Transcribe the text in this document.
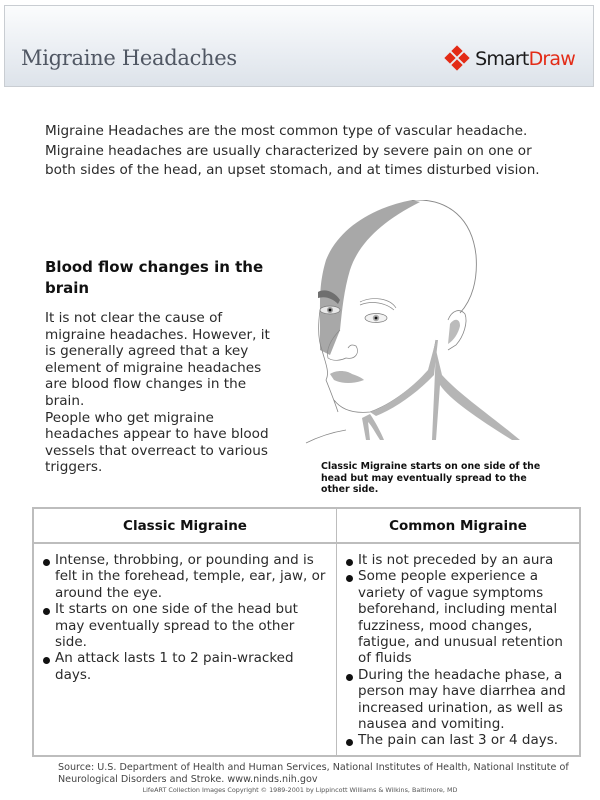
Migraine Headaches	SmartDraw
Migraine Headaches are the most common type of vascular headache. Migraine headaches are usually characterized by severe pain on one or both sides of the head, an upset stomach, and at times disturbed vision.
Blood flow changes in the brain
It is not clear the cause of migraine headaches. However, it is generally agreed that a key element of migraine headaches are blood flow changes in the brain.
People who get migraine headaches appear to have blood vessels that overreact to various triggers.	Classic Migraine starts on one side of the head but may eventually spread to the other side.
Classic Migraine	Common Migraine

Intense, throbbing, or pounding and is felt in the forehead, temple, ear, jaw, or around the eye.
It starts on one side of the head but may eventually spread to the other side.
An attack lasts 1 to 2 pain-wracked days.

It is not preceded by an aura
Some people experience a variety of vague symptoms beforehand, including mental fuzziness, mood changes, fatigue, and unusual retention of fluids
During the headache phase, a person may have diarrhea and increased urination, as well as nausea and vomiting.
The pain can last 3 or 4 days.
Source: U.S. Department of Health and Human Services, National Institutes of Health, National Institute of Neurological Disorders and Stroke. www.ninds.nih.gov
LifeART Collection Images Copyright © 1989-2001 by Lippincott Williams & Wilkins, Baltimore, MD
